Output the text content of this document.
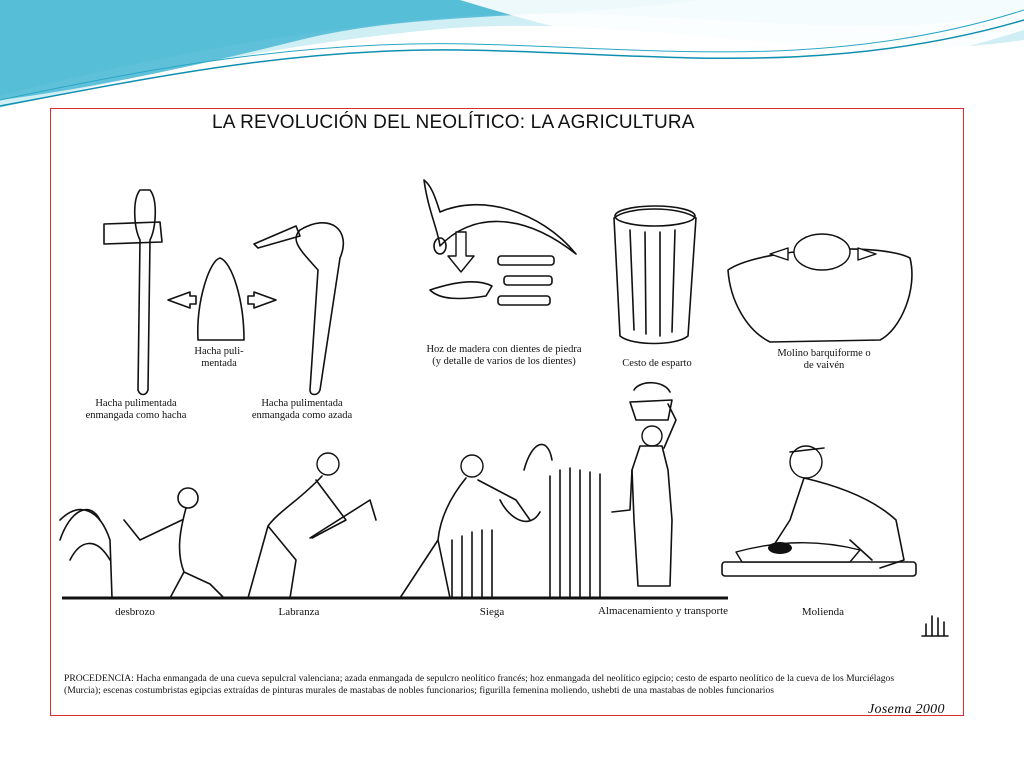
LA REVOLUCIÓN DEL NEOLÍTICO: LA AGRICULTURA
Hacha pulimentada
enmangada como hacha
Hacha puli-
mentada
Hacha pulimentada
enmangada como azada
Hoz de madera con dientes de piedra
(y detalle de varios de los dientes)	Cesto de esparto
Molino barquiforme o
de vaivén
desbrozo	Labranza	Siega	Almacenamiento y transporte	Molienda
PROCEDENCIA: Hacha enmangada de una cueva sepulcral valenciana; azada enmangada de sepulcro neolítico francés; hoz enmangada del neolítico egipcio; cesto de esparto neolítico de la cueva de los Murciélagos (Murcia); escenas costumbristas egipcias extraídas de pinturas murales de mastabas de nobles funcionarios; figurilla femenina moliendo, ushebti de una mastabas de nobles funcionarios
Josema 2000
